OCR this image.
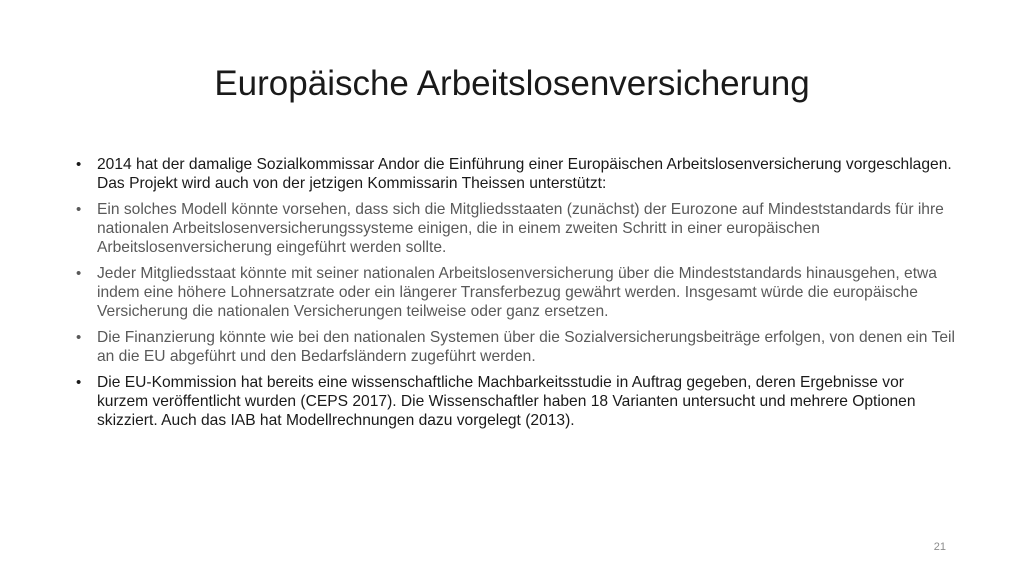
Europäische Arbeitslosenversicherung
• 2014 hat der damalige Sozialkommissar Andor die Einführung einer Europäischen Arbeitslosenversicherung vorgeschlagen. Das Projekt wird auch von der jetzigen Kommissarin Theissen unterstützt:
• Ein solches Modell könnte vorsehen, dass sich die Mitgliedsstaaten (zunächst) der Eurozone auf Mindeststandards für ihre nationalen Arbeitslosenversicherungssysteme einigen, die in einem zweiten Schritt in einer europäischen Arbeitslosenversicherung eingeführt werden sollte.
• Jeder Mitgliedsstaat könnte mit seiner nationalen Arbeitslosenversicherung über die Mindeststandards hinausgehen, etwa indem eine höhere Lohnersatzrate oder ein längerer Transferbezug gewährt werden. Insgesamt würde die europäische Versicherung die nationalen Versicherungen teilweise oder ganz ersetzen.
• Die Finanzierung könnte wie bei den nationalen Systemen über die Sozialversicherungsbeiträge erfolgen, von denen ein Teil an die EU abgeführt und den Bedarfsländern zugeführt werden.
• Die EU-Kommission hat bereits eine wissenschaftliche Machbarkeitsstudie in Auftrag gegeben, deren Ergebnisse vor kurzem veröffentlicht wurden (CEPS 2017). Die Wissenschaftler haben 18 Varianten untersucht und mehrere Optionen skizziert. Auch das IAB hat Modellrechnungen dazu vorgelegt (2013).
21
